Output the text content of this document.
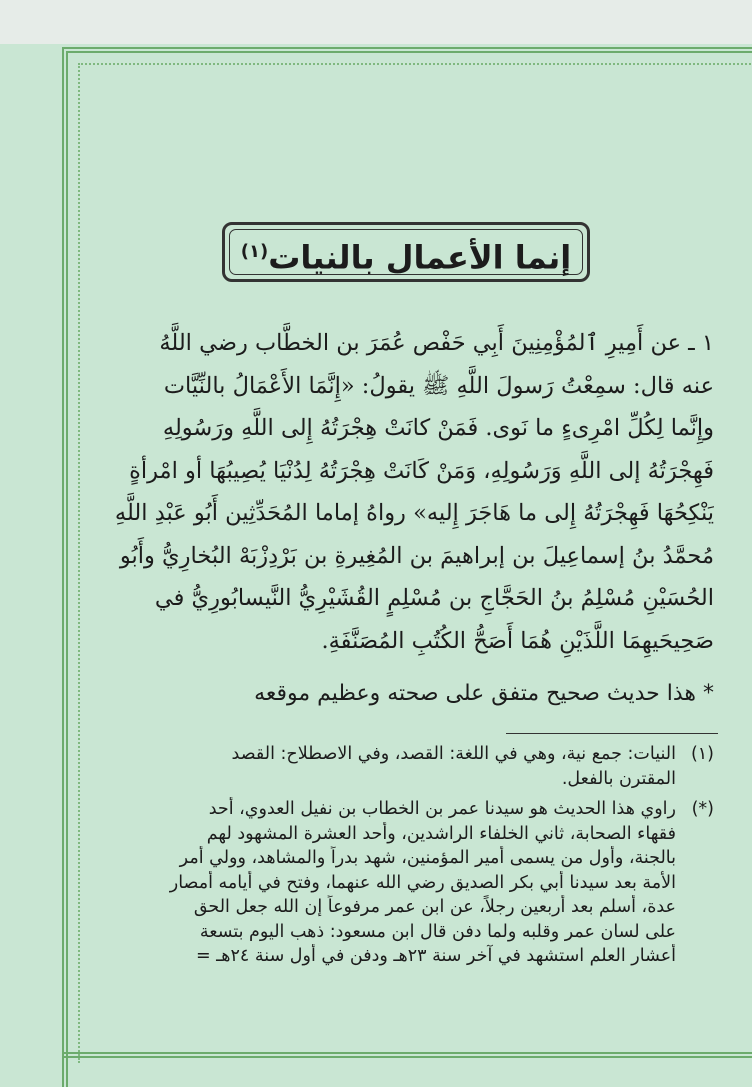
إنما الأعمال بالنيات$^{(١)}$
١ ـ عن أَمِيرِ ٱلمُؤْمِنِينَ أَبِي حَفْص عُمَرَ بن الخطَّاب رضي اللَّهُ
عنه قال: سمِعْتُ رَسولَ اللَّهِ ﷺ يقولُ: «إِنَّمَا الأَعْمَالُ بالنِّيَّات
وإِنَّما لِكُلِّ امْرِىءٍ ما نَوى. فَمَنْ كانَتْ هِجْرَتُهُ إِلى اللَّهِ ورَسُولِهِ
فَهِجْرَتُهُ إلى اللَّهِ وَرَسُولِهِ، وَمَنْ كَانَتْ هِجْرَتُهُ لِدُنْيَا يُصِيبُهَا أو امْرأةٍ
يَنْكِحُهَا فَهِجْرَتُهُ إِلى ما هَاجَرَ إِليه» رواهُ إماما المُحَدِّثِين أَبُو عَبْدِ اللَّهِ
مُحمَّدُ بنُ إسماعِيلَ بن إبراهيمَ بن المُغِيرةِ بن بَرْدِزْبَهْ البُخارِيُّ وأَبُو
الحُسَيْنِ مُسْلِمُ بنُ الحَجَّاجِ بن مُسْلِمٍ القُشَيْرِيُّ النَّيسابُورِيُّ في
صَحِيحَيهِمَا اللَّذَيْنِ هُمَا أَصَحُّ الكُتُبِ المُصَنَّفَةِ.

* هذا حديث صحيح متفق على صحته وعظيم موقعه

(١)
النيات: جمع نية، وهي في اللغة: القصد، وفي الاصطلاح: القصد
المقترن بالفعل.
(*)
راوي هذا الحديث هو سيدنا عمر بن الخطاب بن نفيل العدوي، أحد
فقهاء الصحابة، ثاني الخلفاء الراشدين، وأحد العشرة المشهود لهم
بالجنة، وأول من يسمى أمير المؤمنين، شهد بدراً والمشاهد، وولي أمر
الأمة بعد سيدنا أبي بكر الصديق رضي الله عنهما، وفتح في أيامه أمصار
عدة، أسلم بعد أربعين رجلاً، عن ابن عمر مرفوعاً إن الله جعل الحق
على لسان عمر وقلبه ولما دفن قال ابن مسعود: ذهب اليوم بتسعة
أعشار العلم استشهد في آخر سنة ٢٣هـ ودفن في أول سنة ٢٤هـ =
